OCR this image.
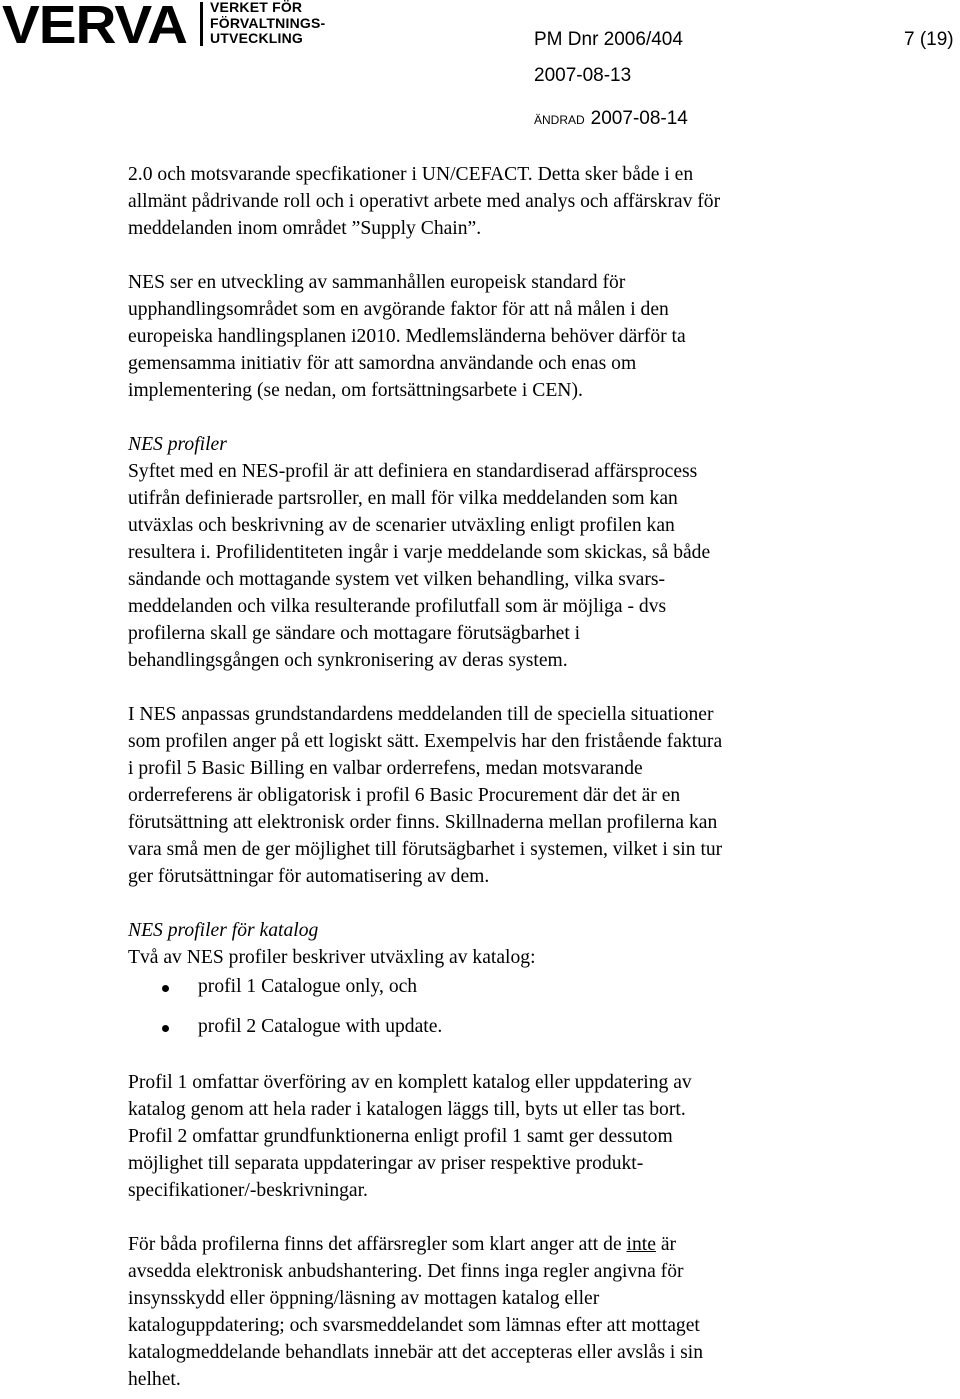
VERVA VERKET FÖR
FÖRVALTNINGS-
UTVECKLING	PM Dnr 2006/404	7 (19)
2007-08-13
ÄNDRAD 2007-08-14

2.0 och motsvarande specfikationer i UN/CEFACT. Detta sker både i en

allmänt pådrivande roll och i operativt arbete med analys och affärskrav för

meddelanden inom området ”Supply Chain”.

NES ser en utveckling av sammanhållen europeisk standard för

upphandlingsområdet som en avgörande faktor för att nå målen i den

europeiska handlingsplanen i2010. Medlemsländerna behöver därför ta

gemensamma initiativ för att samordna användande och enas om

implementering (se nedan, om fortsättningsarbete i CEN).

NES profiler

Syftet med en NES-profil är att definiera en standardiserad affärsprocess

utifrån definierade partsroller, en mall för vilka meddelanden som kan

utväxlas och beskrivning av de scenarier utväxling enligt profilen kan

resultera i. Profilidentiteten ingår i varje meddelande som skickas, så både

sändande och mottagande system vet vilken behandling, vilka svars-

meddelanden och vilka resulterande profilutfall som är möjliga - dvs

profilerna skall ge sändare och mottagare förutsägbarhet i

behandlingsgången och synkronisering av deras system.

I NES anpassas grundstandardens meddelanden till de speciella situationer

som profilen anger på ett logiskt sätt. Exempelvis har den fristående faktura

i profil 5 Basic Billing en valbar orderrefens, medan motsvarande

orderreferens är obligatorisk i profil 6 Basic Procurement där det är en

förutsättning att elektronisk order finns. Skillnaderna mellan profilerna kan

vara små men de ger möjlighet till förutsägbarhet i systemen, vilket i sin tur

ger förutsättningar för automatisering av dem.

NES profiler för katalog

Två av NES profiler beskriver utväxling av katalog:

profil 1 Catalogue only, och
profil 2 Catalogue with update.

Profil 1 omfattar överföring av en komplett katalog eller uppdatering av

katalog genom att hela rader i katalogen läggs till, byts ut eller tas bort.

Profil 2 omfattar grundfunktionerna enligt profil 1 samt ger dessutom

möjlighet till separata uppdateringar av priser respektive produkt-

specifikationer/-beskrivningar.

För båda profilerna finns det affärsregler som klart anger att de inte är

avsedda elektronisk anbudshantering. Det finns inga regler angivna för

insynsskydd eller öppning/läsning av mottagen katalog eller

kataloguppdatering; och svarsmeddelandet som lämnas efter att mottaget

katalogmeddelande behandlats innebär att det accepteras eller avslås i sin

helhet.
